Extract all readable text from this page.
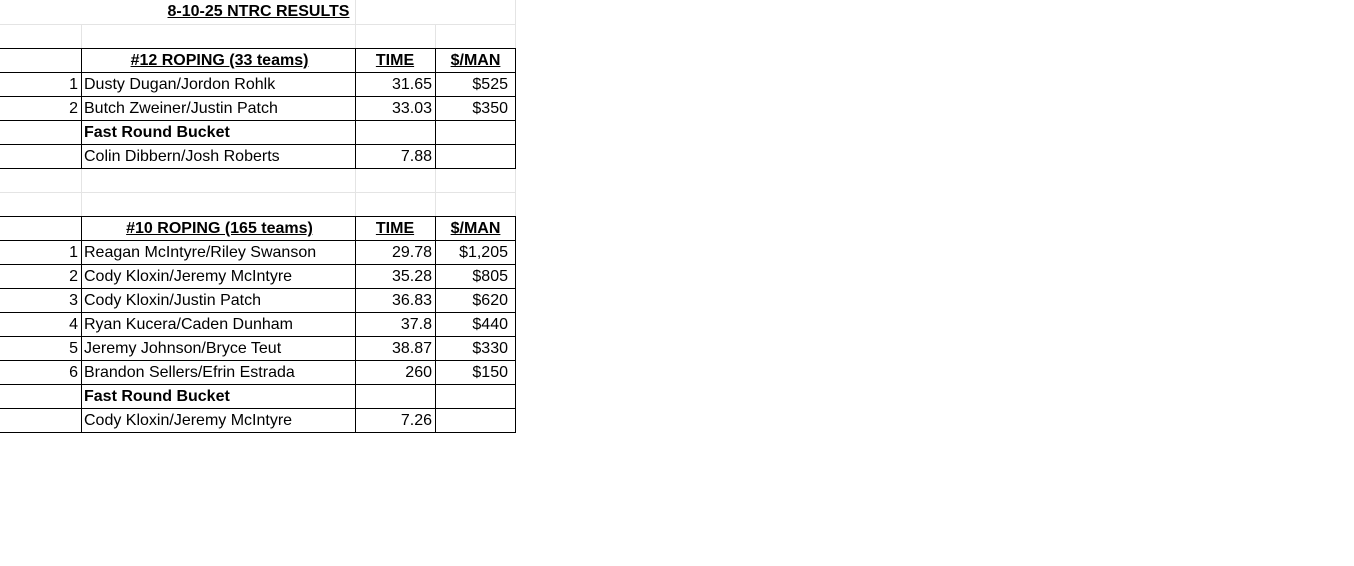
8-10-25 NTRC RESULTS
#12 ROPING (33 teams)	TIME	$/MAN
1 Dusty Dugan/Jordon Rohlk	31.65	$525
2 Butch Zweiner/Justin Patch	33.03	$350
Fast Round Bucket
Colin Dibbern/Josh Roberts	7.88
#10 ROPING (165 teams)	TIME	$/MAN
1 Reagan McIntyre/Riley Swanson	29.78	$1,205
2 Cody Kloxin/Jeremy McIntyre	35.28	$805
3 Cody Kloxin/Justin Patch	36.83	$620
4 Ryan Kucera/Caden Dunham	37.8	$440
5 Jeremy Johnson/Bryce Teut	38.87	$330
6 Brandon Sellers/Efrin Estrada	260	$150
Fast Round Bucket
Cody Kloxin/Jeremy McIntyre	7.26
